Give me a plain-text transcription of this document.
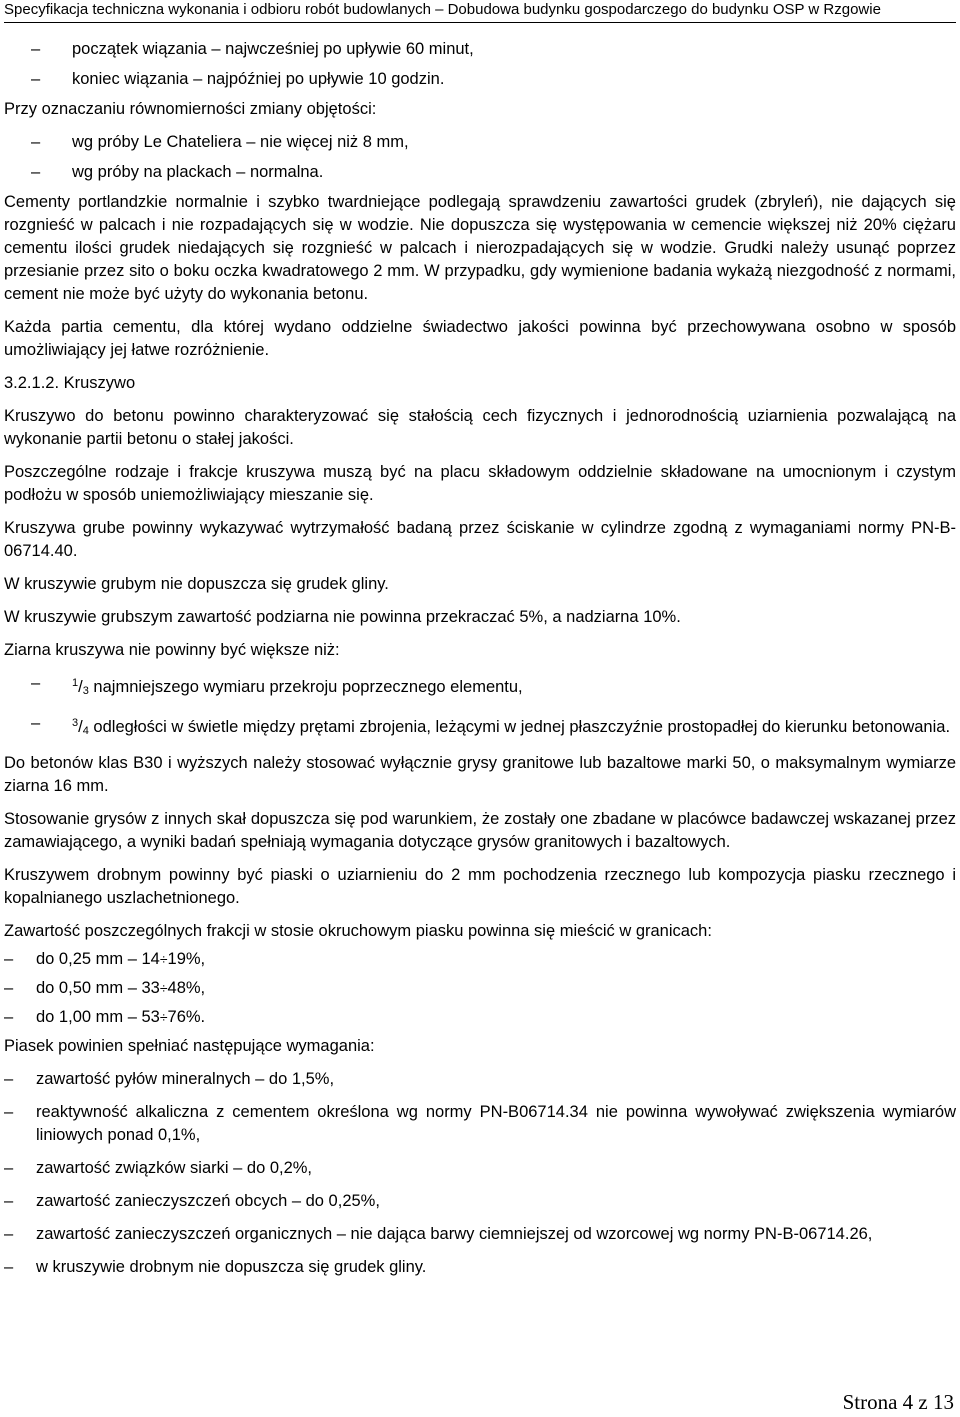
Specyfikacja techniczna wykonania i odbioru robót budowlanych – Dobudowa budynku gospodarczego do budynku OSP w Rzgowie
– początek wiązania – najwcześniej po upływie 60 minut,
– koniec wiązania – najpóźniej po upływie 10 godzin.

Przy oznaczaniu równomierności zmiany objętości:

– wg próby Le Chateliera – nie więcej niż 8 mm,
– wg próby na plackach – normalna.

Cementy portlandzkie normalnie i szybko twardniejące podlegają sprawdzeniu zawartości grudek (zbryleń), nie dających się rozgnieść w palcach i nie rozpadających się w wodzie. Nie dopuszcza się występowania w cemencie większej niż 20% ciężaru cementu ilości grudek niedających się rozgnieść w palcach i nierozpadających się w wodzie. Grudki należy usunąć poprzez przesianie przez sito o boku oczka kwadratowego 2 mm. W przypadku, gdy wymienione badania wykażą niezgodność z normami, cement nie może być użyty do wykonania betonu.

Każda partia cementu, dla której wydano oddzielne świadectwo jakości powinna być przechowywana osobno w sposób umożliwiający jej łatwe rozróżnienie.

3.2.1.2. Kruszywo

Kruszywo do betonu powinno charakteryzować się stałością cech fizycznych i jednorodnością uziarnienia pozwalającą na wykonanie partii betonu o stałej jakości.

Poszczególne rodzaje i frakcje kruszywa muszą być na placu składowym oddzielnie składowane na umocnionym i czystym podłożu w sposób uniemożliwiający mieszanie się.

Kruszywa grube powinny wykazywać wytrzymałość badaną przez ściskanie w cylindrze zgodną z wymaganiami normy PN-B-06714.40.

W kruszywie grubym nie dopuszcza się grudek gliny.

W kruszywie grubszym zawartość podziarna nie powinna przekraczać 5%, a nadziarna 10%.

Ziarna kruszywa nie powinny być większe niż:

–	$^1/_3$ najmniejszego wymiaru przekroju poprzecznego elementu,
–	$^3/_4$ odległości w świetle między prętami zbrojenia, leżącymi w jednej płaszczyźnie prostopadłej do kierunku betonowania.

Do betonów klas B30 i wyższych należy stosować wyłącznie grysy granitowe lub bazaltowe marki 50, o maksymalnym wymiarze ziarna 16 mm.

Stosowanie grysów z innych skał dopuszcza się pod warunkiem, że zostały one zbadane w placówce badawczej wskazanej przez zamawiającego, a wyniki badań spełniają wymagania dotyczące grysów granitowych i bazaltowych.

Kruszywem drobnym powinny być piaski o uziarnieniu do 2 mm pochodzenia rzecznego lub kompozycja piasku rzecznego i kopalnianego uszlachetnionego.

Zawartość poszczególnych frakcji w stosie okruchowym piasku powinna się mieścić w granicach:

– do 0,25 mm – 14÷19%,
– do 0,50 mm – 33÷48%,
– do 1,00 mm – 53÷76%.

Piasek powinien spełniać następujące wymagania:

– zawartość pyłów mineralnych – do 1,5%,
– reaktywność alkaliczna z cementem określona wg normy PN-B06714.34 nie powinna wywoływać zwiększenia wymiarów liniowych ponad 0,1%,
– zawartość związków siarki – do 0,2%,
– zawartość zanieczyszczeń obcych – do 0,25%,
– zawartość zanieczyszczeń organicznych – nie dająca barwy ciemniejszej od wzorcowej wg normy PN-B-06714.26,
– w kruszywie drobnym nie dopuszcza się grudek gliny.
Strona 4 z 13
